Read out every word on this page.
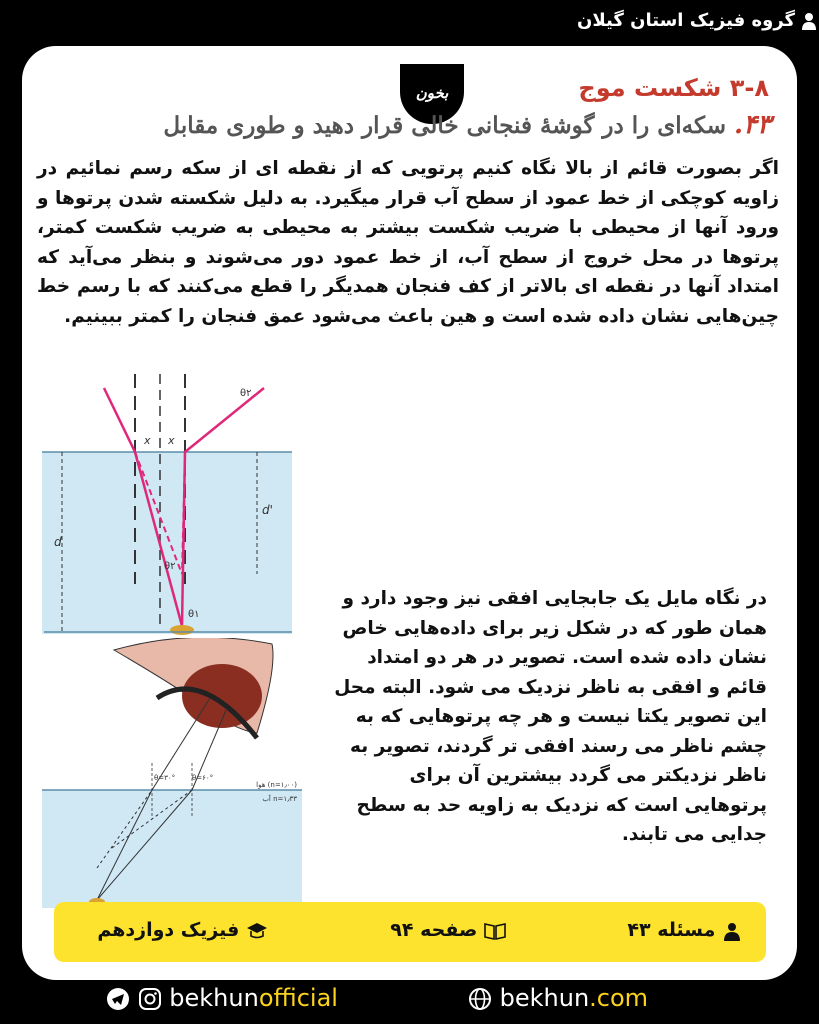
گروه فیزیک استان گیلان
بخون	۳-۸ شکست موج
۴۳.سکه‌ای را در گوشهٔ فنجانی خالی قرار دهید و طوری مقابل
اگر بصورت قائم از بالا نگاه کنیم پرتویی که از نقطه ای از سکه رسم نمائیم در زاویه کوچکی از خط عمود از سطح آب قرار میگیرد. به دلیل شکسته شدن پرتوها و ورود آنها از محیطی با ضریب شکست بیشتر به محیطی به ضریب شکست کمتر، پرتوها در محل خروج از سطح آب، از خط عمود دور می‌شوند و بنظر می‌آید که امتداد آنها در نقطه ای بالاتر از کف فنجان همدیگر را قطع می‌کنند که با رسم خط چین‌هایی نشان داده شده است و هین باعث می‌شود عمق فنجان را کمتر ببینیم.
d
d'
x x
θ۱
θ۲
θ۲
θ=۳۰° θ=۶۰°
هوا (n=۱٫۰۰)
آب n=۱٫۳۳
در نگاه مایل یک جابجایی افقی نیز وجود دارد و همان طور که در شکل زیر برای داده‌هایی خاص نشان داده شده است. تصویر در هر دو امتداد قائم و افقی به ناظر نزدیک می شود. البته محل این تصویر یکتا نیست و هر چه پرتوهایی که به چشم ناظر می رسند افقی تر گردند، تصویر به ناظر نزدیکتر می گردد بیشترین آن برای پرتوهایی است که نزدیک به زاویه حد به سطح جدایی می تابند.
مسئله ۴۳
صفحه ۹۴
فیزیک دوازدهم
bekhunofficial	bekhun.com
